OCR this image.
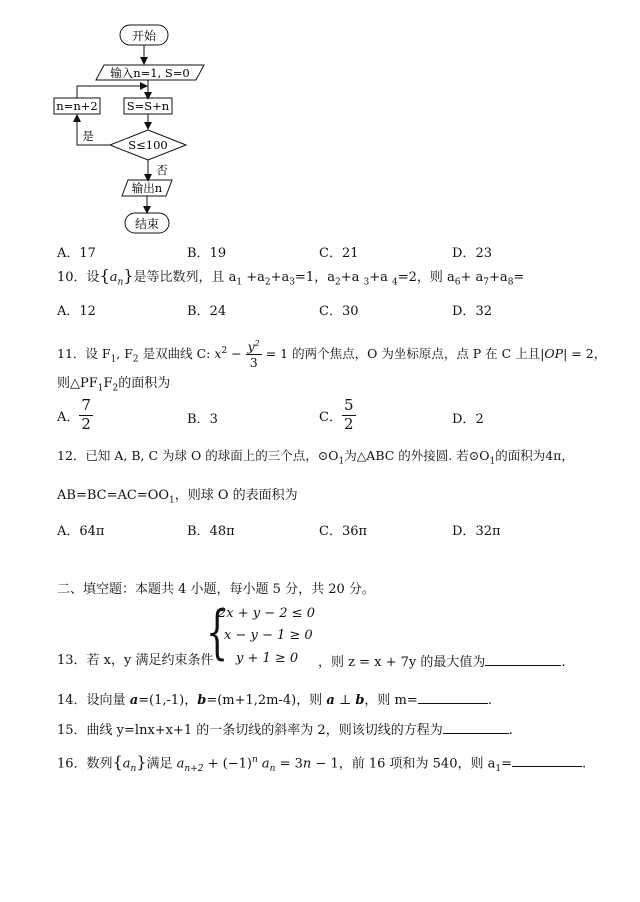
开始
输入n=1, S=0
S=S+n
n=n+2
S≤100
是
否
输出n
结束
A．17	B．19	C．21	D．23
10．设$\{a_n\}$是等比数列，且 $a_1 +a_2+a_3=1$，$a_2+a$ $_3$+a $_4$=2，则 $a_6+ a_7+a_8=$
A．12	B．24	C．30	D．32
11．设 $F_1$, $F_2$ 是双曲线 C: $x^2 - \frac{y^2}{3} = 1$ 的两个焦点，O 为坐标原点，点 P 在 C 上且|OP| = 2，
则$\triangle PF_1F_2$的面积为
A． $\frac{7}{2}$	B．3	C． $\frac{5}{2}$	D．2
12．已知 A, B, C 为球 O 的球面上的三个点，$⊙O_1$为△ABC 的外接圆. 若$⊙O_1$的面积为4π，
$AB=BC=AC=OO_1$，则球 O 的表面积为
A．64π	B．48π	C．36π	D．32π
二、填空题：本题共 4 小题，每小题 5 分，共 20 分。
{
2x + y − 2 ≤ 0
x − y − 1 ≥ 0
y + 1 ≥ 0
13．若 x，y 满足约束条件	，则 z = x + 7y 的最大值为	.
14．设向量 a=(1,-1)，b=(m+1,2m-4)，则 a ⊥ b，则 m=	.
15．曲线 y=lnx+x+1 的一条切线的斜率为 2，则该切线的方程为	.
16．数列$\{a_n\}$满足 $a_{n+2} + (-1)^n$ $a_n = 3n - 1$，前 16 项和为 540，则 $a_1=$	.
